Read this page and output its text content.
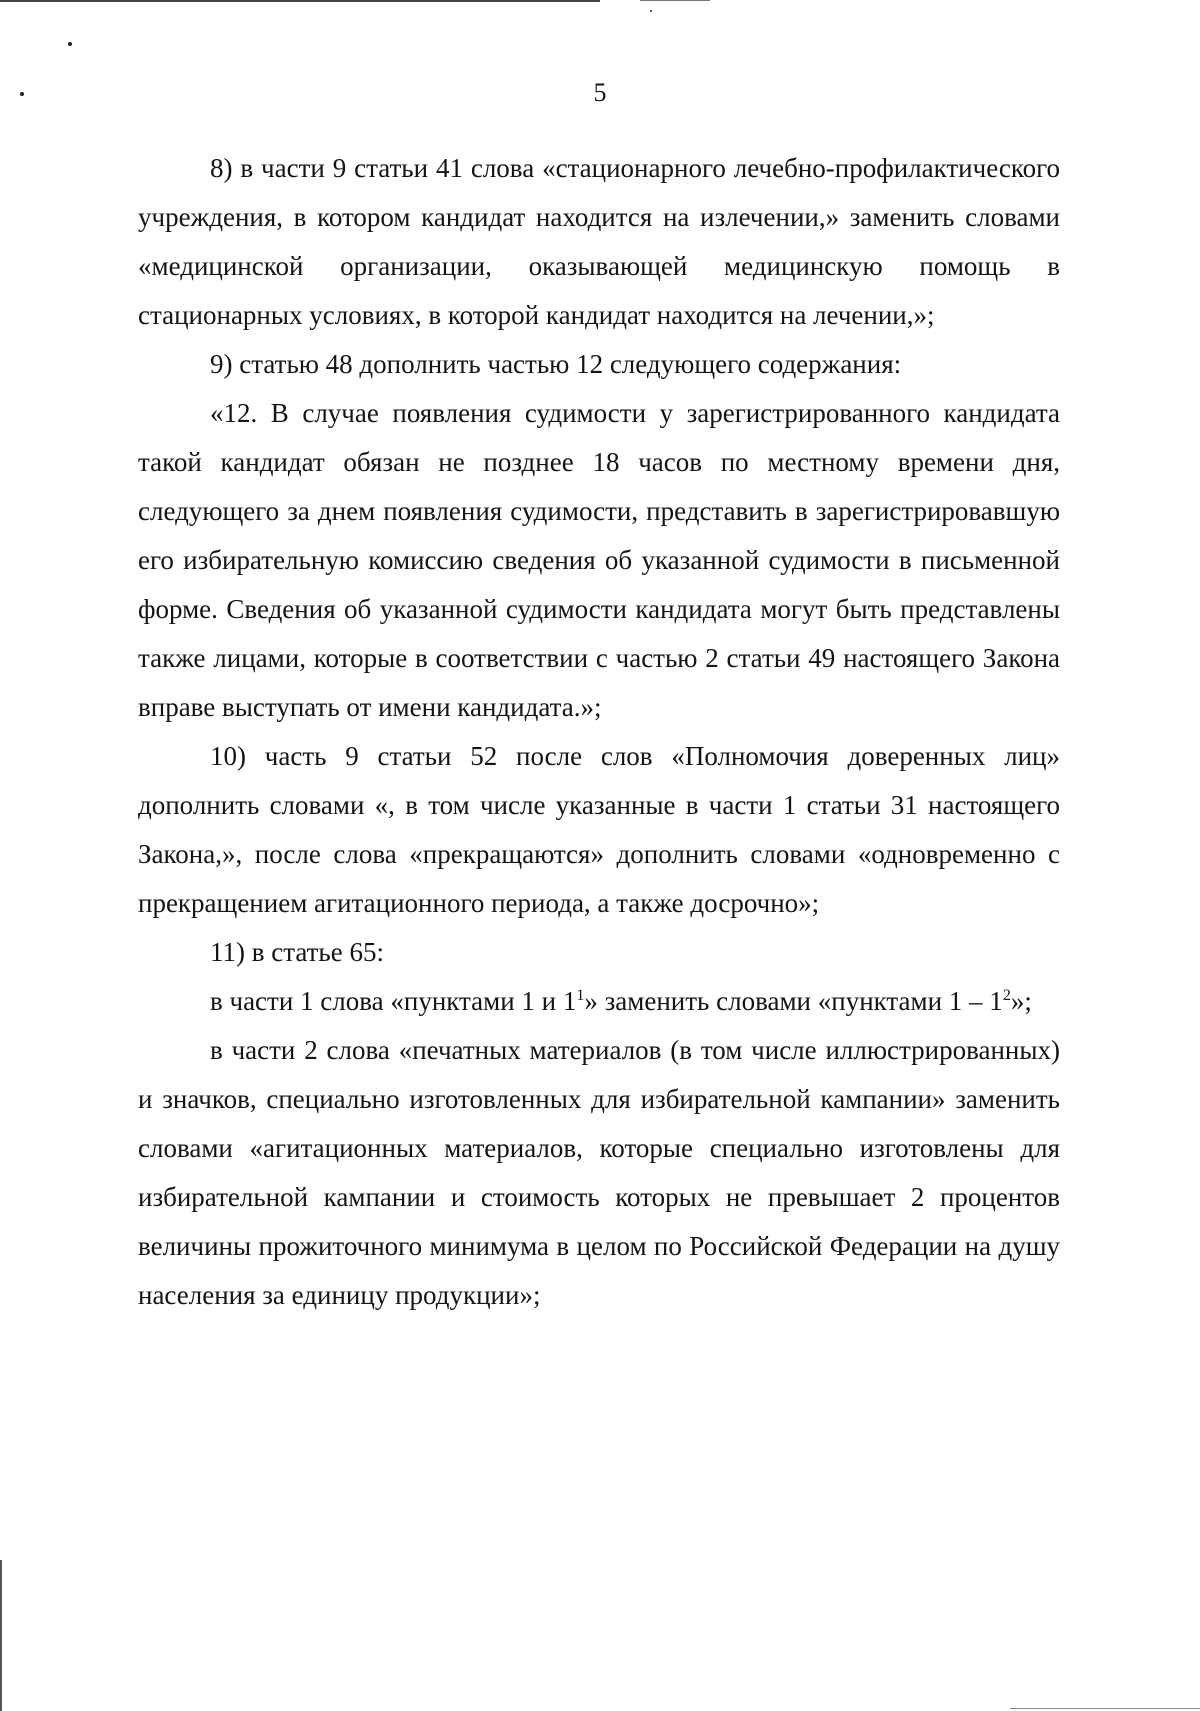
5

8) в части 9 статьи 41 слова «стационарного лечебно-профилактического учреждения, в котором кандидат находится на излечении,» заменить словами «медицинской организации, оказывающей медицинскую помощь в стационарных условиях, в которой кандидат находится на лечении,»;

9) статью 48 дополнить частью 12 следующего содержания:

«12. В случае появления судимости у зарегистрированного кандидата такой кандидат обязан не позднее 18 часов по местному времени дня, следующего за днем появления судимости, представить в зарегистрировавшую его избирательную комиссию сведения об указанной судимости в письменной форме. Сведения об указанной судимости кандидата могут быть представлены также лицами, которые в соответствии с частью 2 статьи 49 настоящего Закона вправе выступать от имени кандидата.»;

10) часть 9 статьи 52 после слов «Полномочия доверенных лиц» дополнить словами «, в том числе указанные в части 1 статьи 31 настоящего Закона,», после слова «прекращаются» дополнить словами «одновременно с прекращением агитационного периода, а также досрочно»;

11) в статье 65:

в части 1 слова «пунктами 1 и $1^1$» заменить словами «пунктами $1 - 1^2$»;

в части 2 слова «печатных материалов (в том числе иллюстрированных) и значков, специально изготовленных для избирательной кампании» заменить словами «агитационных материалов, которые специально изготовлены для избирательной кампании и стоимость которых не превышает 2 процентов величины прожиточного минимума в целом по Российской Федерации на душу населения за единицу продукции»;
